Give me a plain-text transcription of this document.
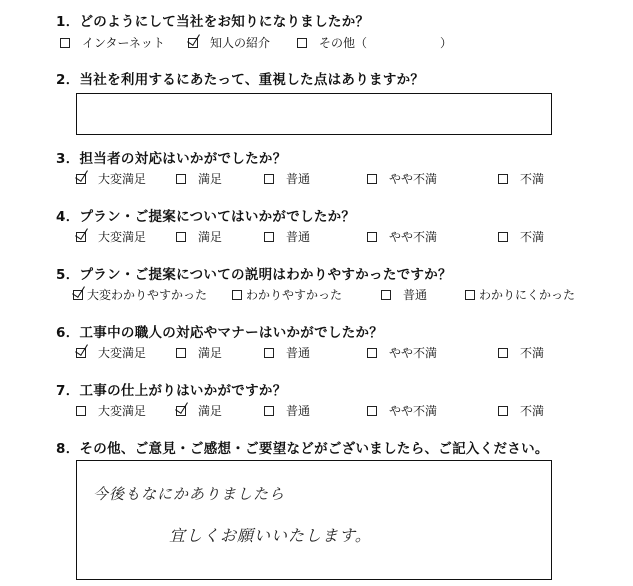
1．どのようにして当社をお知りになりましたか？
インターネット	知人の紹介	その他（	）
2．当社を利用するにあたって、重視した点はありますか？
3．担当者の対応はいかがでしたか？
大変満足	満足	普通	やや不満	不満
4．プラン・ご提案についてはいかがでしたか？
大変満足	満足	普通	やや不満	不満
5．プラン・ご提案についての説明はわかりやすかったですか？
大変わかりやすかった	わかりやすかった	普通	わかりにくかった
6．工事中の職人の対応やマナーはいかがでしたか？
大変満足	満足	普通	やや不満	不満
7．工事の仕上がりはいかがですか？
大変満足	満足	普通	やや不満	不満
8．その他、ご意見・ご感想・ご要望などがございましたら、ご記入ください。
今後もなにかありましたら
宜しくお願いいたします。
